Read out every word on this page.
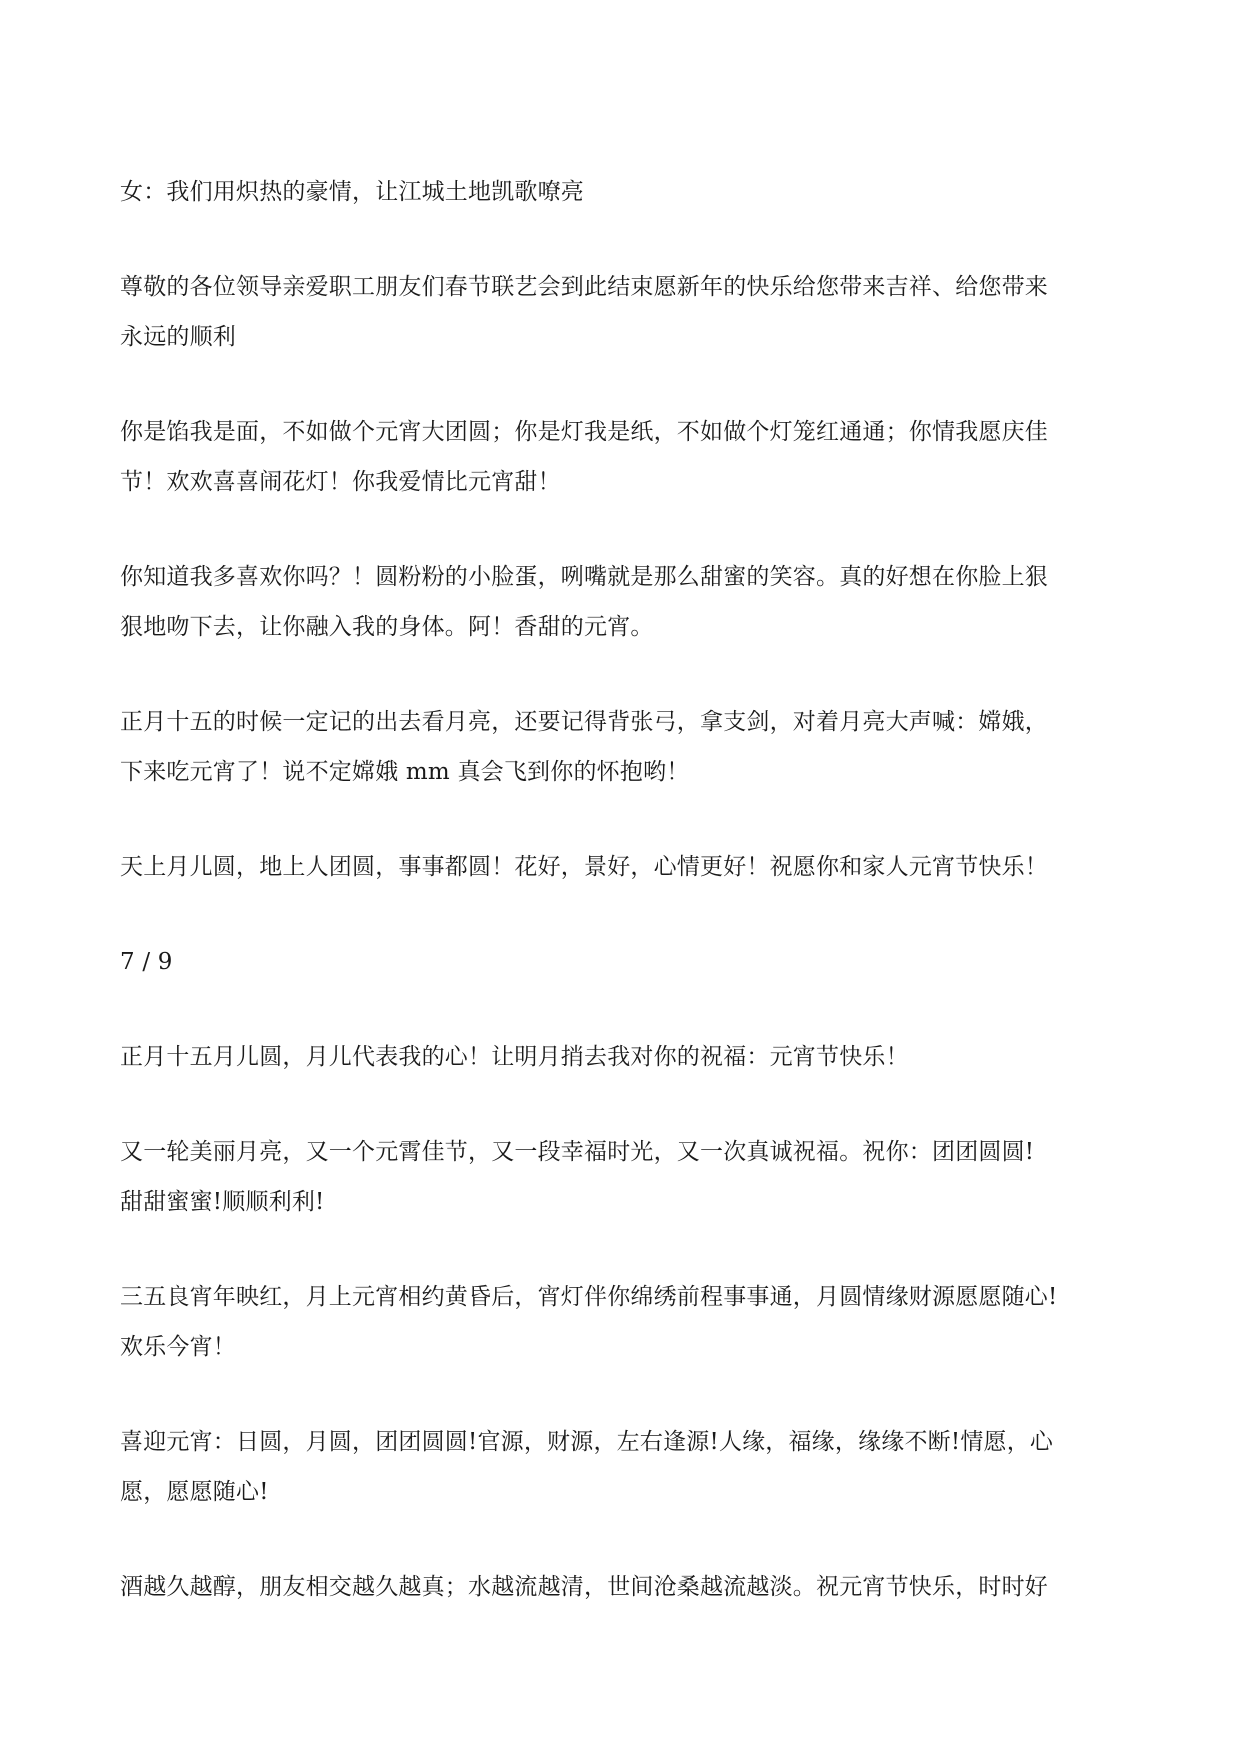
女：我们用炽热的豪情，让江城土地凯歌嘹亮

尊敬的各位领导亲爱职工朋友们春节联艺会到此结束愿新年的快乐给您带来吉祥、给您带来

永远的顺利

你是馅我是面，不如做个元宵大团圆；你是灯我是纸，不如做个灯笼红通通；你情我愿庆佳

节！欢欢喜喜闹花灯！你我爱情比元宵甜！

你知道我多喜欢你吗？！圆粉粉的小脸蛋，咧嘴就是那么甜蜜的笑容。真的好想在你脸上狠

狠地吻下去，让你融入我的身体。阿！香甜的元宵。

正月十五的时候一定记的出去看月亮，还要记得背张弓，拿支剑，对着月亮大声喊：嫦娥，

下来吃元宵了！说不定嫦娥 mm 真会飞到你的怀抱哟！

天上月儿圆，地上人团圆，事事都圆！花好，景好，心情更好！祝愿你和家人元宵节快乐！

7 / 9

正月十五月儿圆，月儿代表我的心！让明月捎去我对你的祝福：元宵节快乐！

又一轮美丽月亮，又一个元霄佳节，又一段幸福时光，又一次真诚祝福。祝你：团团圆圆!

甜甜蜜蜜!顺顺利利!

三五良宵年映红，月上元宵相约黄昏后，宵灯伴你绵绣前程事事通，月圆情缘财源愿愿随心!

欢乐今宵！

喜迎元宵：日圆，月圆，团团圆圆!官源，财源，左右逢源!人缘，福缘，缘缘不断!情愿，心

愿，愿愿随心!

酒越久越醇，朋友相交越久越真；水越流越清，世间沧桑越流越淡。祝元宵节快乐，时时好
